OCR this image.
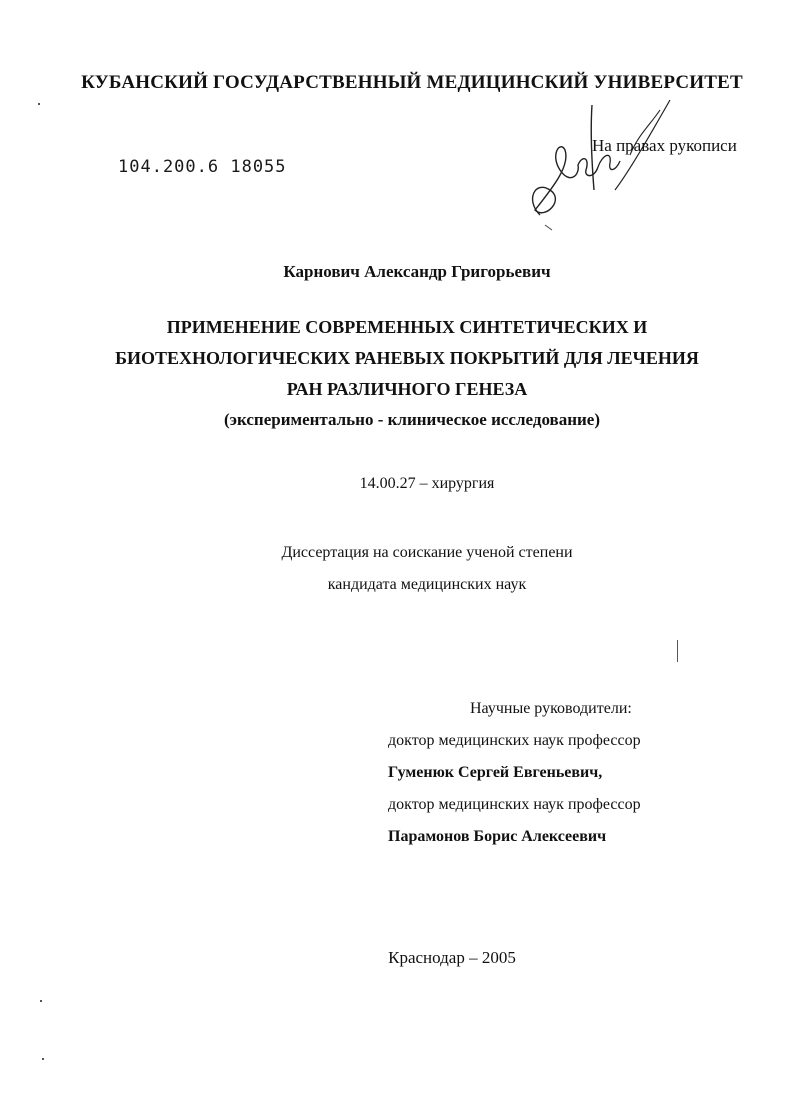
КУБАНСКИЙ ГОСУДАРСТВЕННЫЙ МЕДИЦИНСКИЙ УНИВЕРСИТЕТ
104.200.6 18055
На правах рукописи
Карнович Александр Григорьевич
ПРИМЕНЕНИЕ СОВРЕМЕННЫХ СИНТЕТИЧЕСКИХ И
БИОТЕХНОЛОГИЧЕСКИХ РАНЕВЫХ ПОКРЫТИЙ ДЛЯ ЛЕЧЕНИЯ
РАН РАЗЛИЧНОГО ГЕНЕЗА
(экспериментально - клиническое исследование)
14.00.27 – хирургия
Диссертация на соискание ученой степени
кандидата медицинских наук
Научные руководители:
доктор медицинских наук профессор
Гуменюк Сергей Евгеньевич,
доктор медицинских наук профессор
Парамонов Борис Алексеевич
Краснодар – 2005
